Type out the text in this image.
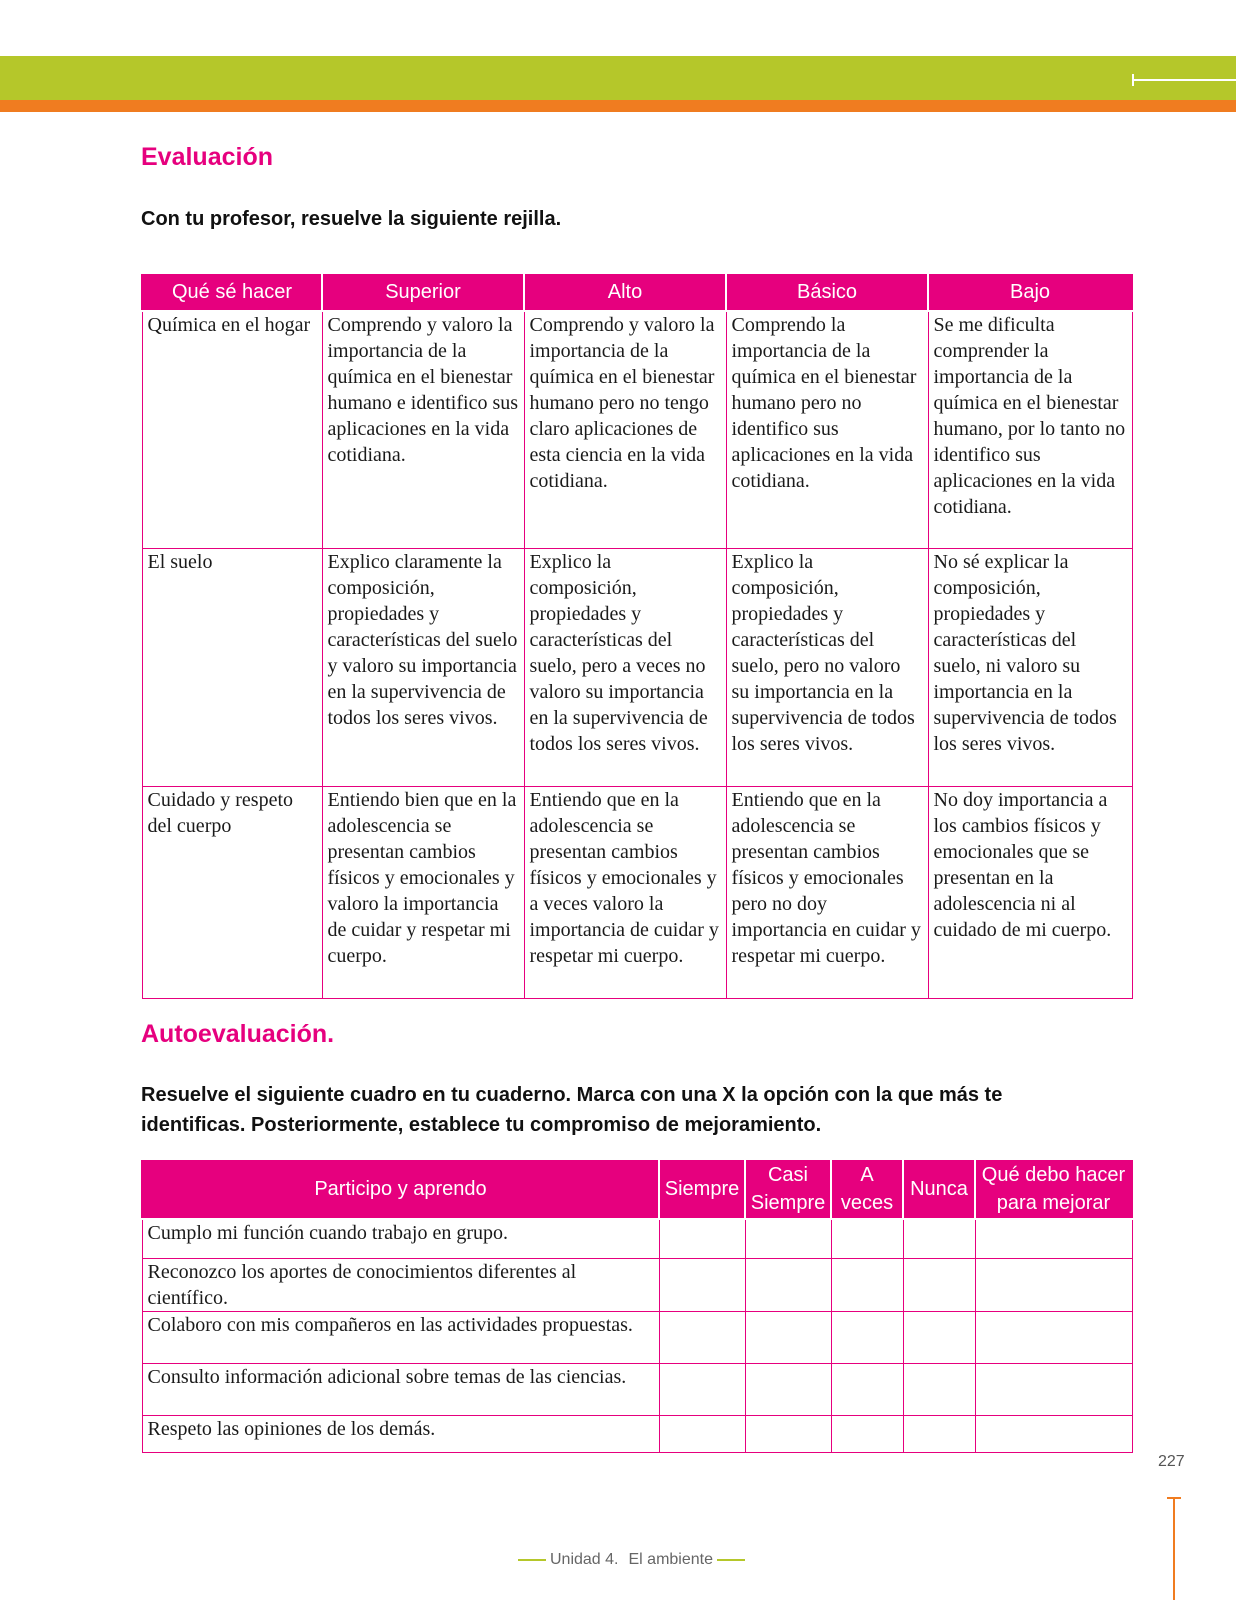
Evaluación
Con tu profesor, resuelve la siguiente rejilla.
Qué sé hacer	Superior	Alto	Básico	Bajo
Química en el hogar	Comprendo y valoro la importancia de la química en el bienestar humano e identifico sus aplicaciones en la vida cotidiana.	Comprendo y valoro la importancia de la química en el bienestar humano pero no tengo claro aplicaciones de esta ciencia en la vida cotidiana.	Comprendo la importancia de la química en el bienestar humano pero no identifico sus aplicaciones en la vida cotidiana.	Se me dificulta comprender la importancia de la química en el bienestar humano, por lo tanto no identifico sus aplicaciones en la vida cotidiana.
El suelo	Explico claramente la composición, propiedades y características del suelo y valoro su importancia en la supervivencia de todos los seres vivos.	Explico la composición, propiedades y características del suelo, pero a veces no valoro su importancia en la supervivencia de todos los seres vivos.	Explico la composición, propiedades y características del suelo, pero no valoro su importancia en la supervivencia de todos los seres vivos.	No sé explicar la composición, propiedades y características del suelo, ni valoro su importancia en la supervivencia de todos los seres vivos.
Cuidado y respeto del cuerpo	Entiendo bien que en la adolescencia se presentan cambios físicos y emocionales y valoro la importancia de cuidar y respetar mi cuerpo.	Entiendo que en la adolescencia se presentan cambios físicos y emocionales y a veces valoro la importancia de cuidar y respetar mi cuerpo.	Entiendo que en la adolescencia se presentan cambios físicos y emocionales pero no doy importancia en cuidar y respetar mi cuerpo.	No doy importancia a los cambios físicos y emocionales que se presentan en la adolescencia ni al cuidado de mi cuerpo.
Autoevaluación.
Resuelve el siguiente cuadro en tu cuaderno. Marca con una X la opción con la que más te identificas. Posteriormente, establece tu compromiso de mejoramiento.
Participo y aprendo	Siempre	Casi Siempre	A veces	Nunca	Qué debo hacer para mejorar
Cumplo mi función cuando trabajo en grupo.					
Reconozco los aportes de conocimientos diferentes al científico.					
Colaboro con mis compañeros en las actividades propuestas.					
Consulto información adicional sobre temas de las ciencias.					
Respeto las opiniones de los demás.					
227
Unidad 4. El ambiente
